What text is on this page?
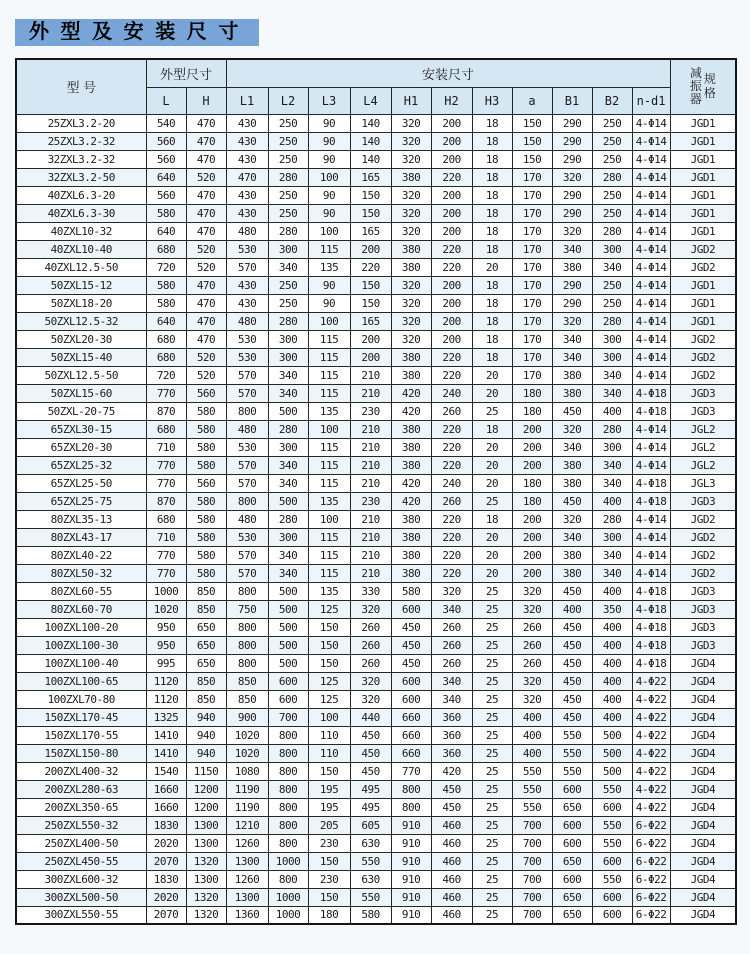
外 型 及 安 装 尺 寸
型 号	外型尺寸		安装尺寸											减振器
规格

	L	H	L1	L2	L3	L4	H1	H2	H3	a	B1	B2	n-d1	
25ZXL3.2-20	540	470	430	250	90	140	320	200	18	150	290	250	4-Φ14	JGD1
25ZXL3.2-32	560	470	430	250	90	140	320	200	18	150	290	250	4-Φ14	JGD1
32ZXL3.2-32	560	470	430	250	90	140	320	200	18	150	290	250	4-Φ14	JGD1
32ZXL3.2-50	640	520	470	280	100	165	380	220	18	170	320	280	4-Φ14	JGD1
40ZXL6.3-20	560	470	430	250	90	150	320	200	18	170	290	250	4-Φ14	JGD1
40ZXL6.3-30	580	470	430	250	90	150	320	200	18	170	290	250	4-Φ14	JGD1
40ZXL10-32	640	470	480	280	100	165	320	200	18	170	320	280	4-Φ14	JGD1
40ZXL10-40	680	520	530	300	115	200	380	220	18	170	340	300	4-Φ14	JGD2
40ZXL12.5-50	720	520	570	340	135	220	380	220	20	170	380	340	4-Φ14	JGD2
50ZXL15-12	580	470	430	250	90	150	320	200	18	170	290	250	4-Φ14	JGD1
50ZXL18-20	580	470	430	250	90	150	320	200	18	170	290	250	4-Φ14	JGD1
50ZXL12.5-32	640	470	480	280	100	165	320	200	18	170	320	280	4-Φ14	JGD1
50ZXL20-30	680	470	530	300	115	200	320	200	18	170	340	300	4-Φ14	JGD2
50ZXL15-40	680	520	530	300	115	200	380	220	18	170	340	300	4-Φ14	JGD2
50ZXL12.5-50	720	520	570	340	115	210	380	220	20	170	380	340	4-Φ14	JGD2
50ZXL15-60	770	560	570	340	115	210	420	240	20	180	380	340	4-Φ18	JGD3
50ZXL-20-75	870	580	800	500	135	230	420	260	25	180	450	400	4-Φ18	JGD3
65ZXL30-15	680	580	480	280	100	210	380	220	18	200	320	280	4-Φ14	JGL2
65ZXL20-30	710	580	530	300	115	210	380	220	20	200	340	300	4-Φ14	JGL2
65ZXL25-32	770	580	570	340	115	210	380	220	20	200	380	340	4-Φ14	JGL2
65ZXL25-50	770	560	570	340	115	210	420	240	20	180	380	340	4-Φ18	JGL3
65ZXL25-75	870	580	800	500	135	230	420	260	25	180	450	400	4-Φ18	JGD3
80ZXL35-13	680	580	480	280	100	210	380	220	18	200	320	280	4-Φ14	JGD2
80ZXL43-17	710	580	530	300	115	210	380	220	20	200	340	300	4-Φ14	JGD2
80ZXL40-22	770	580	570	340	115	210	380	220	20	200	380	340	4-Φ14	JGD2
80ZXL50-32	770	580	570	340	115	210	380	220	20	200	380	340	4-Φ14	JGD2
80ZXL60-55	1000	850	800	500	135	330	580	320	25	320	450	400	4-Φ18	JGD3
80ZXL60-70	1020	850	750	500	125	320	600	340	25	320	400	350	4-Φ18	JGD3
100ZXL100-20	950	650	800	500	150	260	450	260	25	260	450	400	4-Φ18	JGD3
100ZXL100-30	950	650	800	500	150	260	450	260	25	260	450	400	4-Φ18	JGD3
100ZXL100-40	995	650	800	500	150	260	450	260	25	260	450	400	4-Φ18	JGD4
100ZXL100-65	1120	850	850	600	125	320	600	340	25	320	450	400	4-Φ22	JGD4
100ZXL70-80	1120	850	850	600	125	320	600	340	25	320	450	400	4-Φ22	JGD4
150ZXL170-45	1325	940	900	700	100	440	660	360	25	400	450	400	4-Φ22	JGD4
150ZXL170-55	1410	940	1020	800	110	450	660	360	25	400	550	500	4-Φ22	JGD4
150ZXL150-80	1410	940	1020	800	110	450	660	360	25	400	550	500	4-Φ22	JGD4
200ZXL400-32	1540	1150	1080	800	150	450	770	420	25	550	550	500	4-Φ22	JGD4
200ZXL280-63	1660	1200	1190	800	195	495	800	450	25	550	600	550	4-Φ22	JGD4
200ZXL350-65	1660	1200	1190	800	195	495	800	450	25	550	650	600	4-Φ22	JGD4
250ZXL550-32	1830	1300	1210	800	205	605	910	460	25	700	600	550	6-Φ22	JGD4
250ZXL400-50	2020	1300	1260	800	230	630	910	460	25	700	600	550	6-Φ22	JGD4
250ZXL450-55	2070	1320	1300	1000	150	550	910	460	25	700	650	600	6-Φ22	JGD4
300ZXL600-32	1830	1300	1260	800	230	630	910	460	25	700	600	550	6-Φ22	JGD4
300ZXL500-50	2020	1320	1300	1000	150	550	910	460	25	700	650	600	6-Φ22	JGD4
300ZXL550-55	2070	1320	1360	1000	180	580	910	460	25	700	650	600	6-Φ22	JGD4
